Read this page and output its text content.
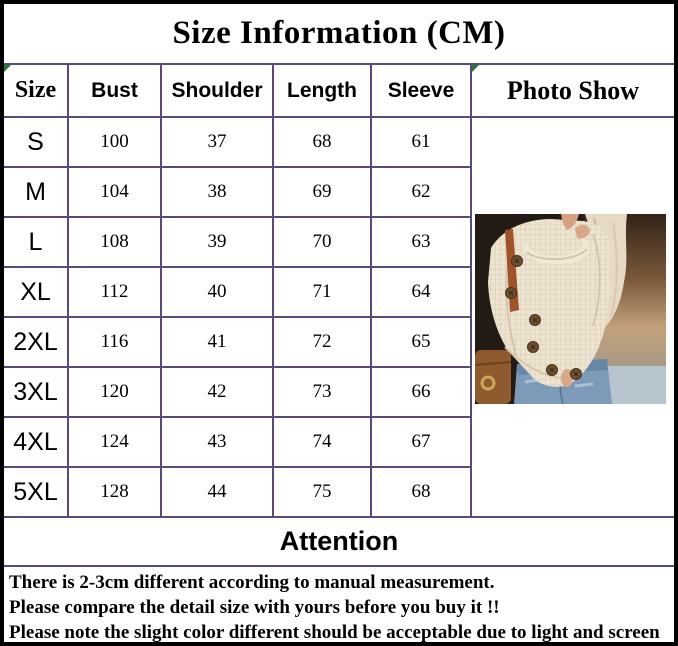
Size Information (CM)
Size	Bust	Shoulder	Length	Sleeve	Photo Show
S	100	37	68	61
M	104	38	69	62
L	108	39	70	63
XL	112	40	71	64
2XL	116	41	72	65
3XL	120	42	73	66
4XL	124	43	74	67
5XL	128	44	75	68
Attention
There is 2-3cm different according to manual measurement.
Please compare the detail size with yours before you buy it !!
Please note the slight color different should be acceptable due to light and screen
